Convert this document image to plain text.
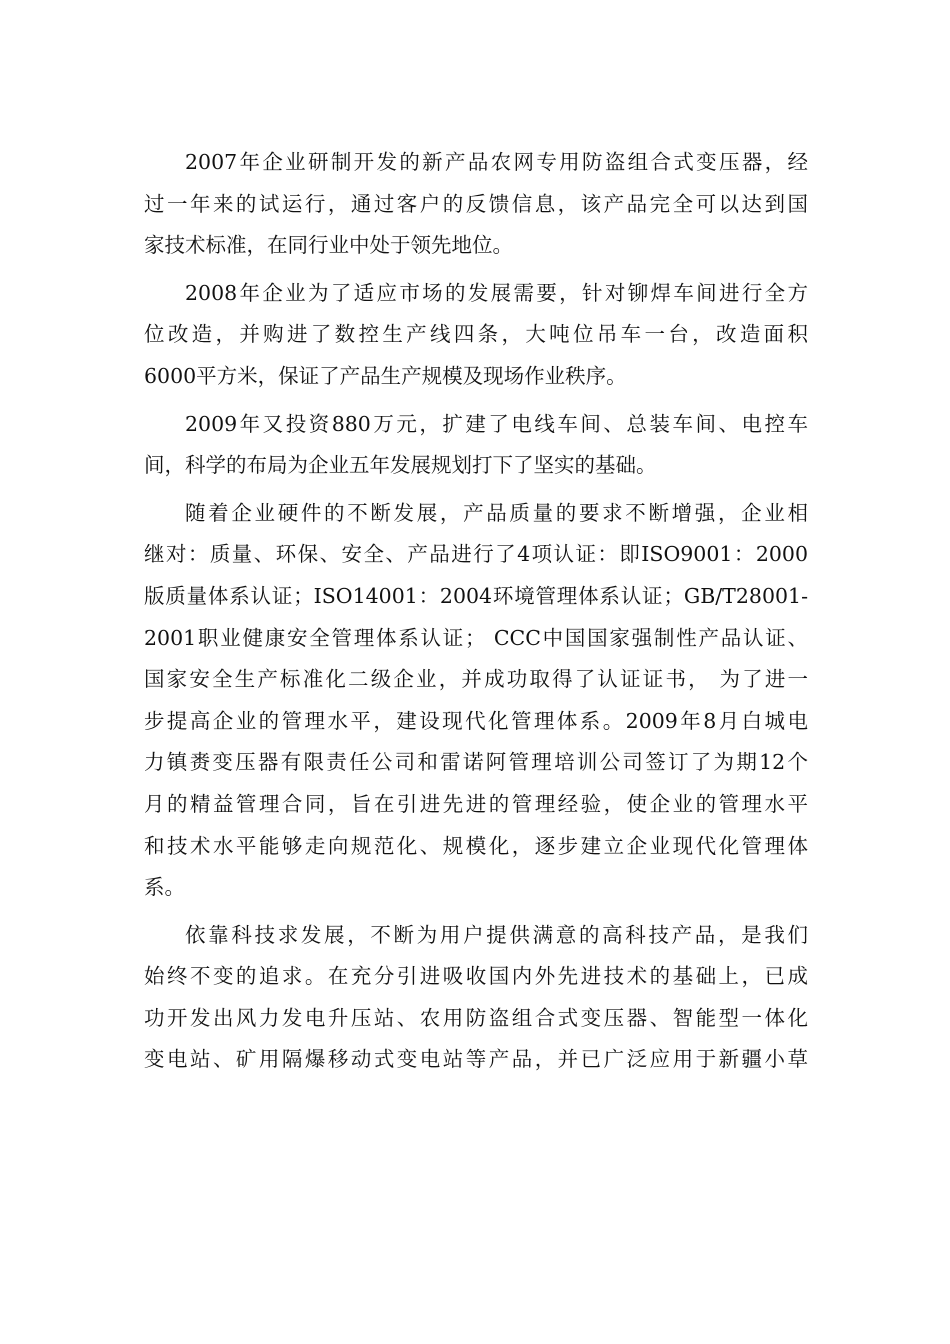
2007年企业研制开发的新产品农网专用防盗组合式变压器，经
过一年来的试运行，通过客户的反馈信息，该产品完全可以达到国
家技术标准，在同行业中处于领先地位。
2008年企业为了适应市场的发展需要，针对铆焊车间进行全方
位改造，并购进了数控生产线四条，大吨位吊车一台，改造面积
6000平方米，保证了产品生产规模及现场作业秩序。
2009年又投资880万元，扩建了电线车间、总装车间、电控车
间，科学的布局为企业五年发展规划打下了坚实的基础。
随着企业硬件的不断发展，产品质量的要求不断增强，企业相
继对：质量、环保、安全、产品进行了4项认证：即ISO9001：2000
版质量体系认证；ISO14001：2004环境管理体系认证；GB/T28001-
2001职业健康安全管理体系认证； CCC中国国家强制性产品认证、
国家安全生产标准化二级企业，并成功取得了认证证书， 为了进一
步提高企业的管理水平，建设现代化管理体系。2009年8月白城电
力镇赉变压器有限责任公司和雷诺阿管理培训公司签订了为期12个
月的精益管理合同，旨在引进先进的管理经验，使企业的管理水平
和技术水平能够走向规范化、规模化，逐步建立企业现代化管理体
系。
依靠科技求发展，不断为用户提供满意的高科技产品，是我们
始终不变的追求。在充分引进吸收国内外先进技术的基础上，已成
功开发出风力发电升压站、农用防盗组合式变压器、智能型一体化
变电站、矿用隔爆移动式变电站等产品，并已广泛应用于新疆小草
